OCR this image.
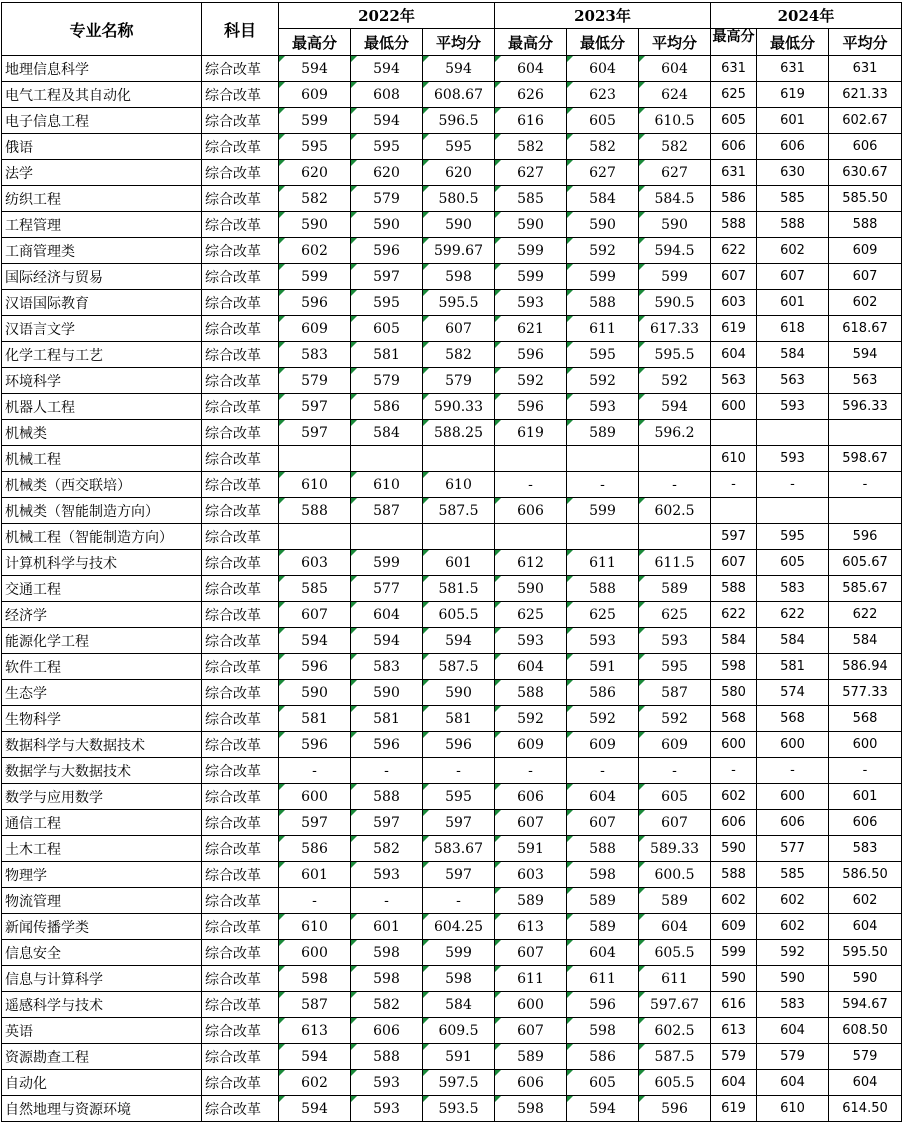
专业名称	科目	2022年			2023年			2024年		
		最高分	最低分	平均分	最高分	最低分	平均分	最高分	最低分	平均分
地理信息科学	综合改革	594	594	594	604	604	604	631	631	631
电气工程及其自动化	综合改革	609	608	608.67	626	623	624	625	619	621.33
电子信息工程	综合改革	599	594	596.5	616	605	610.5	605	601	602.67
俄语	综合改革	595	595	595	582	582	582	606	606	606
法学	综合改革	620	620	620	627	627	627	631	630	630.67
纺织工程	综合改革	582	579	580.5	585	584	584.5	586	585	585.50
工程管理	综合改革	590	590	590	590	590	590	588	588	588
工商管理类	综合改革	602	596	599.67	599	592	594.5	622	602	609
国际经济与贸易	综合改革	599	597	598	599	599	599	607	607	607
汉语国际教育	综合改革	596	595	595.5	593	588	590.5	603	601	602
汉语言文学	综合改革	609	605	607	621	611	617.33	619	618	618.67
化学工程与工艺	综合改革	583	581	582	596	595	595.5	604	584	594
环境科学	综合改革	579	579	579	592	592	592	563	563	563
机器人工程	综合改革	597	586	590.33	596	593	594	600	593	596.33
机械类	综合改革	597	584	588.25	619	589	596.2			
机械工程	综合改革							610	593	598.67
机械类（西交联培）	综合改革	610	610	610	-	-	-	-	-	-
机械类（智能制造方向）	综合改革	588	587	587.5	606	599	602.5			
机械工程（智能制造方向）	综合改革							597	595	596
计算机科学与技术	综合改革	603	599	601	612	611	611.5	607	605	605.67
交通工程	综合改革	585	577	581.5	590	588	589	588	583	585.67
经济学	综合改革	607	604	605.5	625	625	625	622	622	622
能源化学工程	综合改革	594	594	594	593	593	593	584	584	584
软件工程	综合改革	596	583	587.5	604	591	595	598	581	586.94
生态学	综合改革	590	590	590	588	586	587	580	574	577.33
生物科学	综合改革	581	581	581	592	592	592	568	568	568
数据科学与大数据技术	综合改革	596	596	596	609	609	609	600	600	600
数据学与大数据技术	综合改革	-	-	-	-	-	-	-	-	-
数学与应用数学	综合改革	600	588	595	606	604	605	602	600	601
通信工程	综合改革	597	597	597	607	607	607	606	606	606
土木工程	综合改革	586	582	583.67	591	588	589.33	590	577	583
物理学	综合改革	601	593	597	603	598	600.5	588	585	586.50
物流管理	综合改革	-	-	-	589	589	589	602	602	602
新闻传播学类	综合改革	610	601	604.25	613	589	604	609	602	604
信息安全	综合改革	600	598	599	607	604	605.5	599	592	595.50
信息与计算科学	综合改革	598	598	598	611	611	611	590	590	590
遥感科学与技术	综合改革	587	582	584	600	596	597.67	616	583	594.67
英语	综合改革	613	606	609.5	607	598	602.5	613	604	608.50
资源勘查工程	综合改革	594	588	591	589	586	587.5	579	579	579
自动化	综合改革	602	593	597.5	606	605	605.5	604	604	604
自然地理与资源环境	综合改革	594	593	593.5	598	594	596	619	610	614.50
